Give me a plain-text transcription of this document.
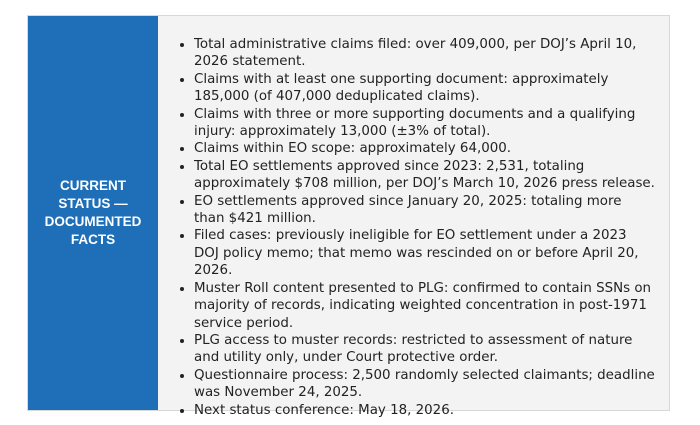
CURRENT
STATUS —
DOCUMENTED
FACTS
• Total administrative claims filed: over 409,000, per DOJ’s April 10, 2026 statement.
• Claims with at least one supporting document: approximately 185,000 (of 407,000 deduplicated claims).
• Claims with three or more supporting documents and a qualifying injury: approximately 13,000 (±3% of total).
• Claims within EO scope: approximately 64,000.
• Total EO settlements approved since 2023: 2,531, totaling approximately $708 million, per DOJ’s March 10, 2026 press release.
• EO settlements approved since January 20, 2025: totaling more than $421 million.
• Filed cases: previously ineligible for EO settlement under a 2023 DOJ policy memo; that memo was rescinded on or before April 20, 2026.
• Muster Roll content presented to PLG: confirmed to contain SSNs on majority of records, indicating weighted concentration in post-1971 service period.
• PLG access to muster records: restricted to assessment of nature and utility only, under Court protective order.
• Questionnaire process: 2,500 randomly selected claimants; deadline was November 24, 2025.
• Next status conference: May 18, 2026.
